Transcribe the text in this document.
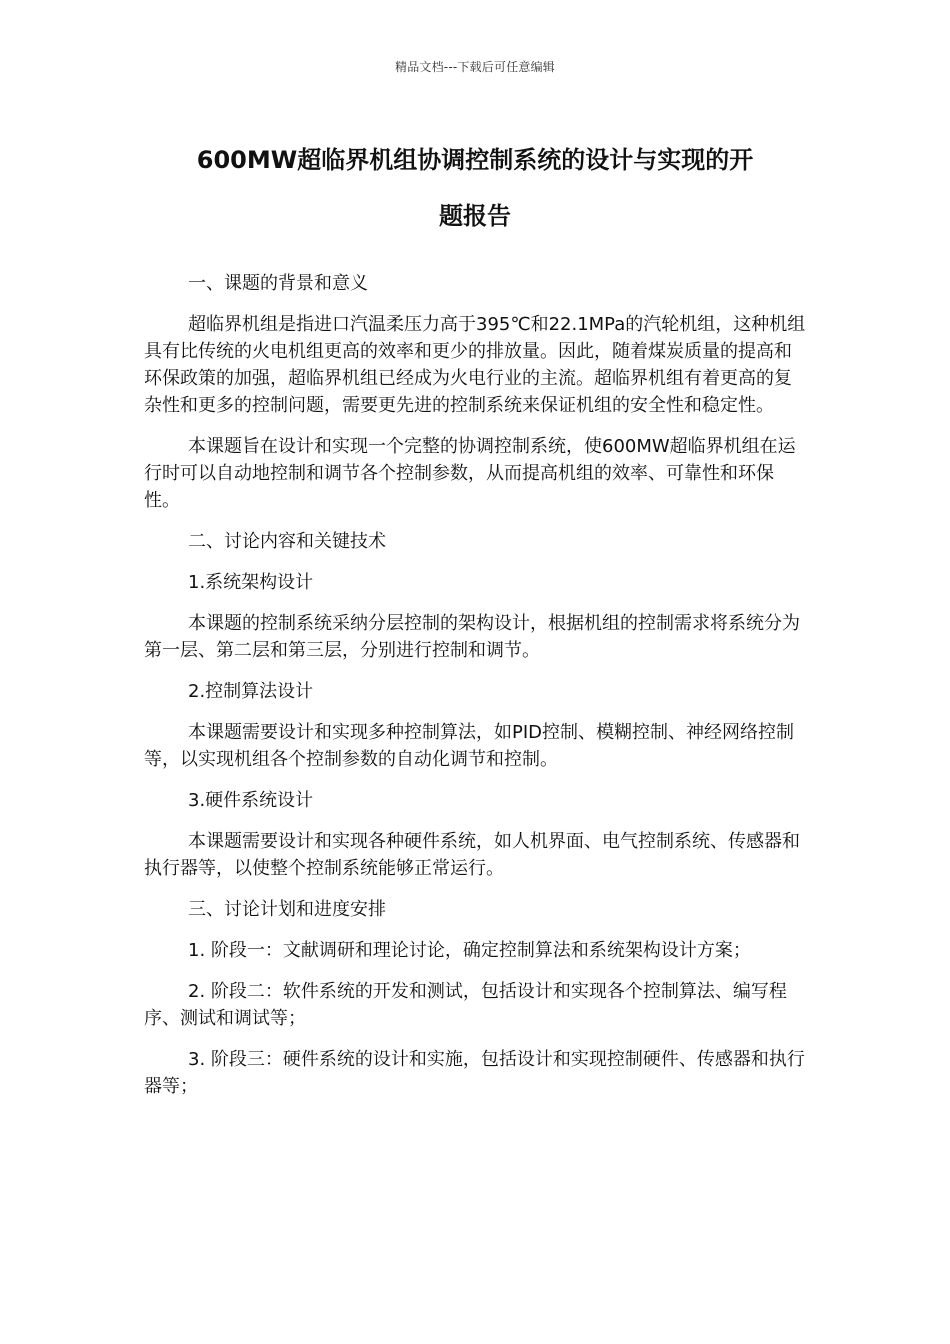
精品文档---下载后可任意编辑
600MW超临界机组协调控制系统的设计与实现的开
题报告

一、课题的背景和意义

超临界机组是指进口汽温柔压力高于395℃和22.1MPa的汽轮机组，这种机组具有比传统的火电机组更高的效率和更少的排放量。因此，随着煤炭质量的提高和环保政策的加强，超临界机组已经成为火电行业的主流。超临界机组有着更高的复杂性和更多的控制问题，需要更先进的控制系统来保证机组的安全性和稳定性。

本课题旨在设计和实现一个完整的协调控制系统，使600MW超临界机组在运行时可以自动地控制和调节各个控制参数，从而提高机组的效率、可靠性和环保性。

二、讨论内容和关键技术

1.系统架构设计

本课题的控制系统采纳分层控制的架构设计，根据机组的控制需求将系统分为第一层、第二层和第三层，分别进行控制和调节。

2.控制算法设计

本课题需要设计和实现多种控制算法，如PID控制、模糊控制、神经网络控制等，以实现机组各个控制参数的自动化调节和控制。

3.硬件系统设计

本课题需要设计和实现各种硬件系统，如人机界面、电气控制系统、传感器和执行器等，以使整个控制系统能够正常运行。

三、讨论计划和进度安排

1. 阶段一：文献调研和理论讨论，确定控制算法和系统架构设计方案；

2. 阶段二：软件系统的开发和测试，包括设计和实现各个控制算法、编写程序、测试和调试等；

3. 阶段三：硬件系统的设计和实施，包括设计和实现控制硬件、传感器和执行器等；
